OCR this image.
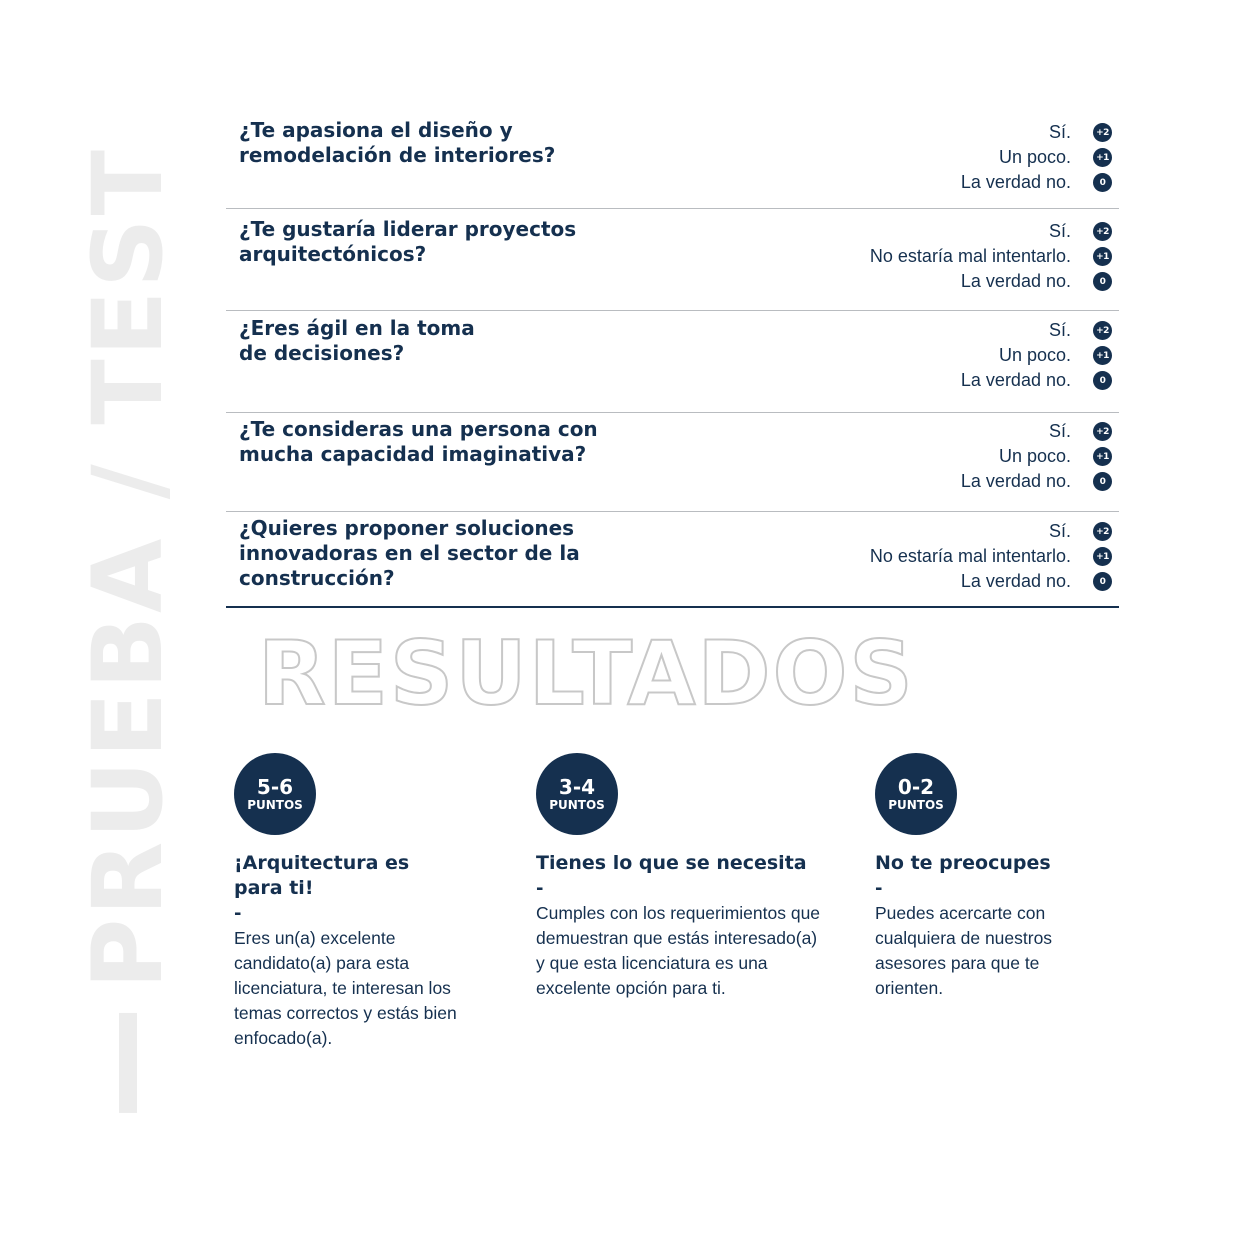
PRUEBA / TEST
¿Te apasiona el diseño y remodelación de interiores?
Sí.	+2
Un poco.	+1
La verdad no.	0
¿Te gustaría liderar proyectos arquitectónicos?
Sí.	+2
No estaría mal intentarlo.	+1
La verdad no.	0
¿Eres ágil en la toma de decisiones?
Sí.	+2
Un poco.	+1
La verdad no.	0
¿Te consideras una persona con mucha capacidad imaginativa?
Sí.	+2
Un poco.	+1
La verdad no.	0
¿Quieres proponer soluciones innovadoras en el sector de la construcción?
Sí.	+2
No estaría mal intentarlo.	+1
La verdad no.	0
RESULTADOS
5-6
PUNTOS
¡Arquitectura es para ti!
-
Eres un(a) excelente candidato(a) para esta licenciatura, te interesan los temas correctos y estás bien enfocado(a).
3-4
PUNTOS
Tienes lo que se necesita
-
Cumples con los requerimientos que demuestran que estás interesado(a) y que esta licenciatura es una excelente opción para ti.
0-2
PUNTOS
No te preocupes
-
Puedes acercarte con cualquiera de nuestros asesores para que te orienten.
